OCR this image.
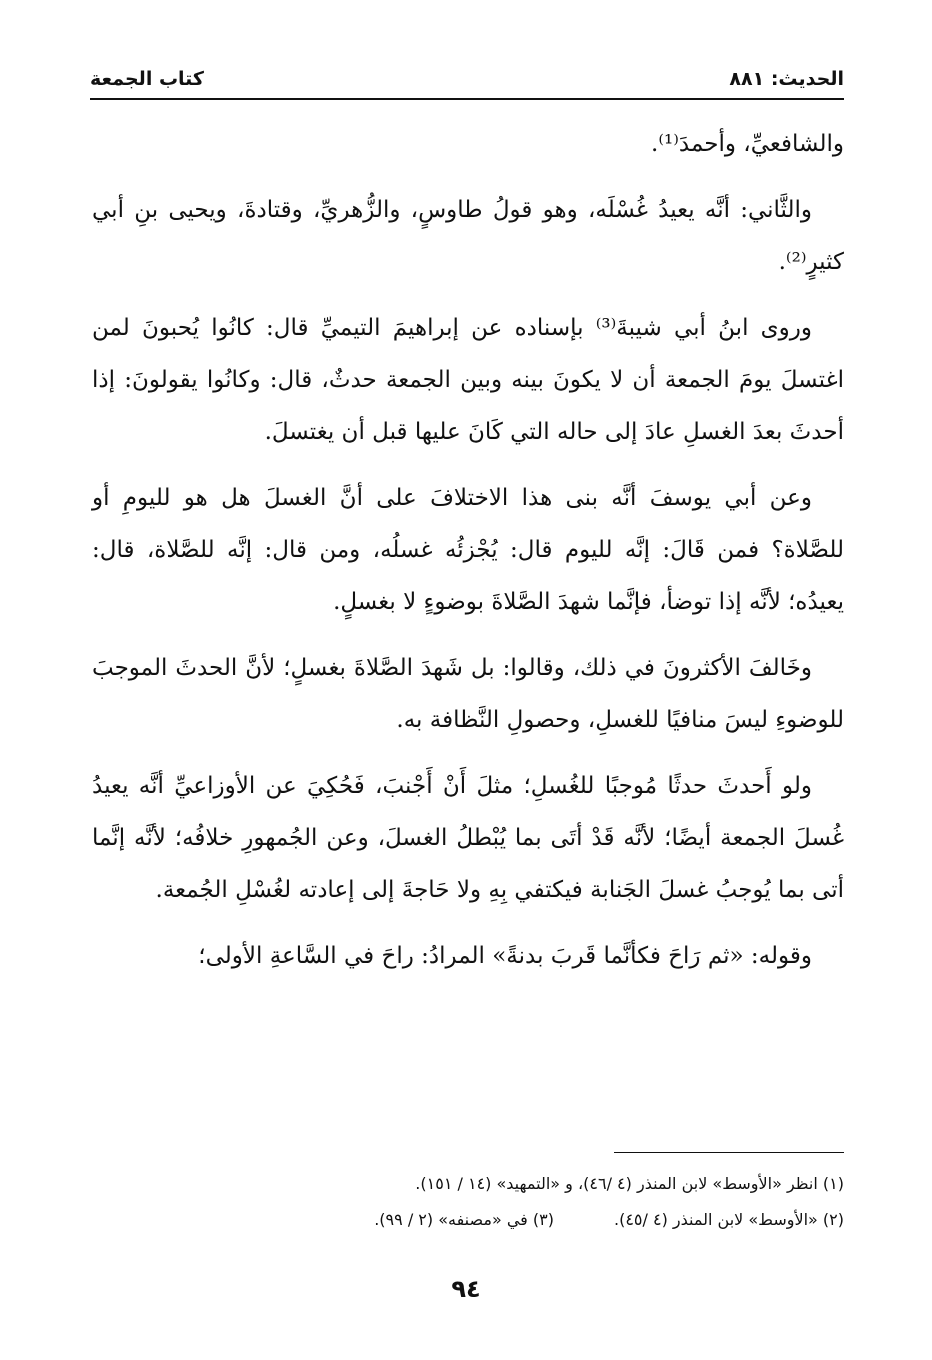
الحديث: ٨٨١
كتاب الجمعة

والشافعيِّ، وأحمدَ⁽¹⁾.

والثَّاني: أنَّه يعيدُ غُسْلَه، وهو قولُ طاوسٍ، والزُّهريِّ، وقتادةَ، ويحيى بنِ أبي كثيرٍ⁽²⁾.

وروى ابنُ أبي شيبةَ⁽³⁾ بإسناده عن إبراهيمَ التيميِّ قال: كانُوا يُحبونَ لمن اغتسلَ يومَ الجمعة أن لا يكونَ بينه وبين الجمعة حدثٌ، قال: وكانُوا يقولونَ: إذا أحدثَ بعدَ الغسلِ عادَ إلى حاله التي كَانَ عليها قبل أن يغتسلَ.

وعن أبي يوسفَ أنَّه بنى هذا الاختلافَ على أنَّ الغسلَ هل هو لليومِ أو للصَّلاة؟ فمن قَالَ: إنَّه لليوم قال: يُجْزئُه غسلُه، ومن قال: إنَّه للصَّلاة، قال: يعيدُه؛ لأنَّه إذا توضأ، فإنَّما شهدَ الصَّلاةَ بوضوءٍ لا بغسلٍ.

وخَالفَ الأكثرونَ في ذلك، وقالوا: بل شَهدَ الصَّلاةَ بغسلٍ؛ لأنَّ الحدثَ الموجبَ للوضوءِ ليسَ منافيًا للغسلِ، وحصولِ النَّظافة به.

ولو أَحدثَ حدثًا مُوجبًا للغُسلِ؛ مثلَ أَنْ أَجْنبَ، فَحُكِيَ عن الأوزاعيِّ أنَّه يعيدُ غُسلَ الجمعة أيضًا؛ لأنَّه قَدْ أتَى بما يُبْطلُ الغسلَ، وعن الجُمهورِ خلافُه؛ لأنَّه إنَّما أتى بما يُوجبُ غسلَ الجَنابة فيكتفي بِهِ ولا حَاجةَ إلى إعادته لغُسْلِ الجُمعة.

وقوله: «ثم رَاحَ فكأنَّما قَربَ بدنةً» المرادُ: راحَ في السَّاعةِ الأولى؛

(١) انظر «الأوسط» لابن المنذر (٤ /٤٦)، و «التمهيد» (١٤ / ١٥١).
(٢) «الأوسط» لابن المنذر (٤ /٤٥).(٣) في «مصنفه» (٢ / ٩٩).
٩٤
